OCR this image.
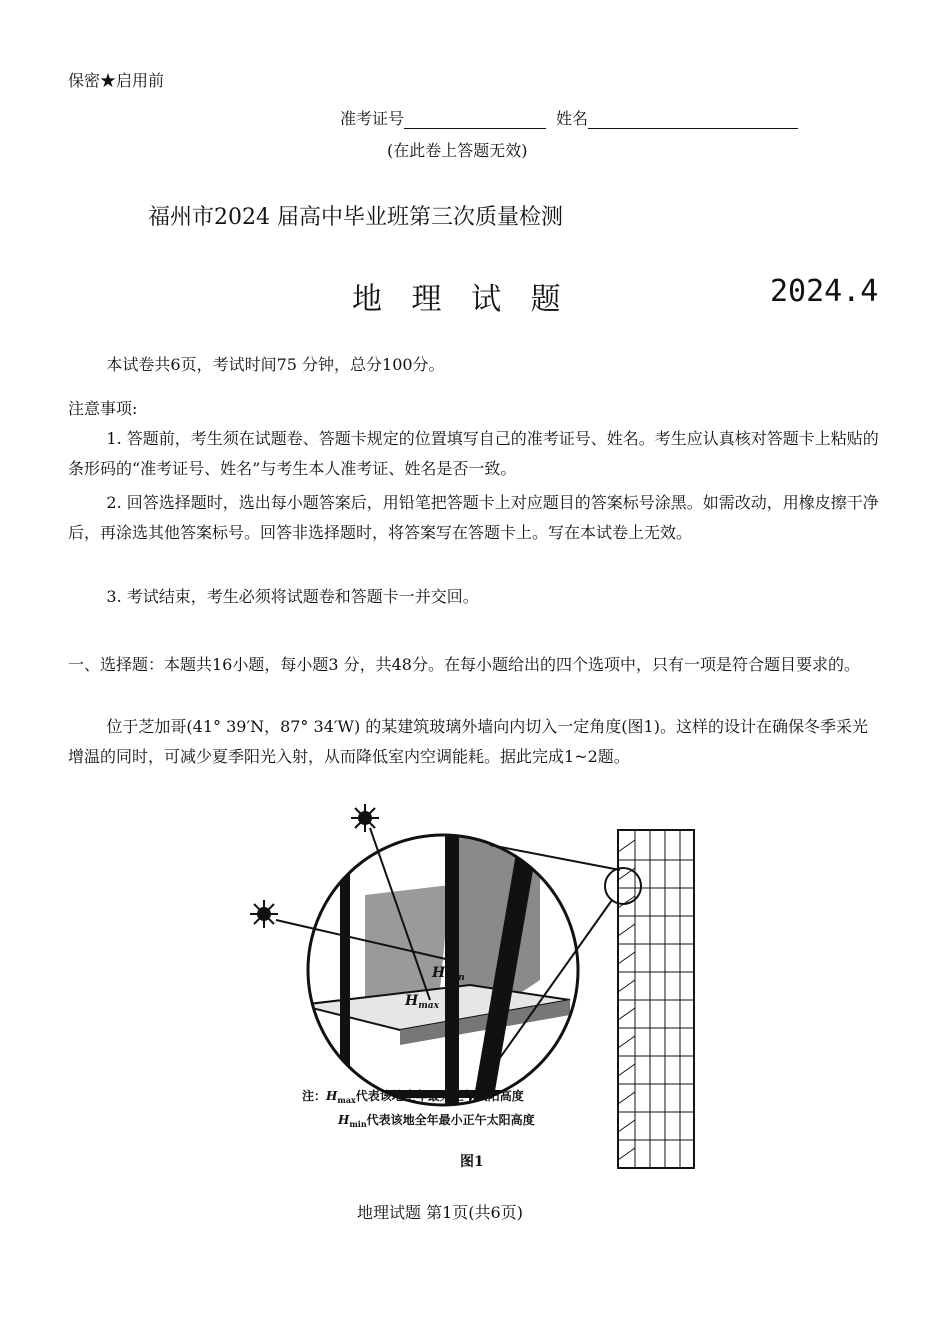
保密★启用前
准考证号	姓名
(在此卷上答题无效)
福州市2024 届高中毕业班第三次质量检测
地 理 试 题	2024.4
本试卷共6页，考试时间75 分钟，总分100分。
注意事项:
1. 答题前，考生须在试题卷、答题卡规定的位置填写自己的准考证号、姓名。考生应认真核对答题卡上粘贴的条形码的“准考证号、姓名”与考生本人准考证、姓名是否一致。
2. 回答选择题时，选出每小题答案后，用铅笔把答题卡上对应题目的答案标号涂黑。如需改动，用橡皮擦干净后，再涂选其他答案标号。回答非选择题时，将答案写在答题卡上。写在本试卷上无效。
3. 考试结束，考生必须将试题卷和答题卡一并交回。
一、选择题：本题共16小题，每小题3 分，共48分。在每小题给出的四个选项中，只有一项是符合题目要求的。
位于芝加哥(41° 39′N，87° 34′W) 的某建筑玻璃外墙向内切入一定角度(图1)。这样的设计在确保冬季采光增温的同时，可减少夏季阳光入射，从而降低室内空调能耗。据此完成1~2题。
$H_{max}$
$H_{min}$
注：$H_{max}$代表该地全年最大正午太阳高度
$H_{min}$代表该地全年最小正午太阳高度
图1
地理试题 第1页(共6页)
